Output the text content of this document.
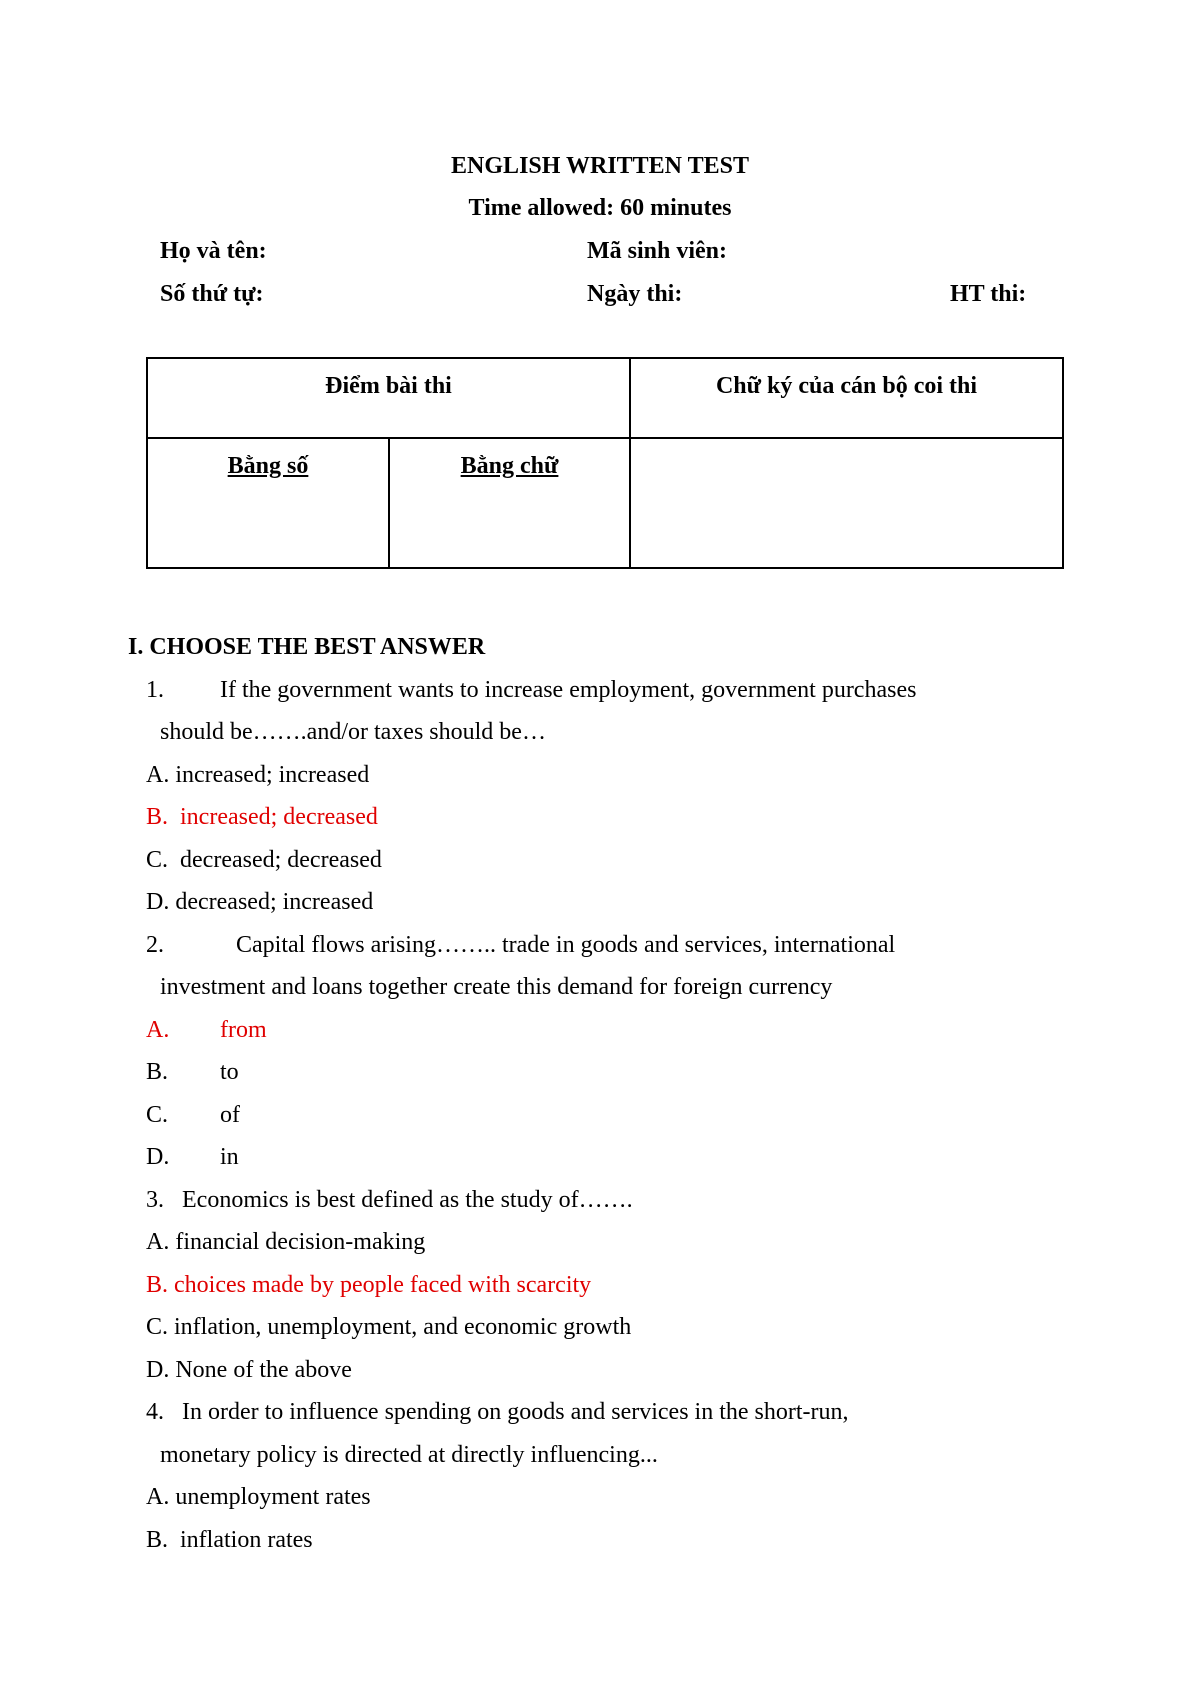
ENGLISH WRITTEN TEST
Time allowed: 60 minutes
Họ và tên:	Mã sinh viên:
Số thứ tự:	Ngày thi:	HT thi:
Điểm bài thi		Chữ ký của cán bộ coi thi

Bằng số	Bằng chữ	
I. CHOOSE THE BEST ANSWER
1. If the government wants to increase employment, government purchases
should be…….and/or taxes should be…
A. increased; increased
B. increased; decreased
C. decreased; decreased
D. decreased; increased
2.	Capital flows arising…….. trade in goods and services, international
investment and loans together create this demand for foreign currency
A. from
B. to
C. of
D. in
3. Economics is best defined as the study of…….
A. financial decision-making
B. choices made by people faced with scarcity
C. inflation, unemployment, and economic growth
D. None of the above
4. In order to influence spending on goods and services in the short-run,
monetary policy is directed at directly influencing...
A. unemployment rates
B. inflation rates
